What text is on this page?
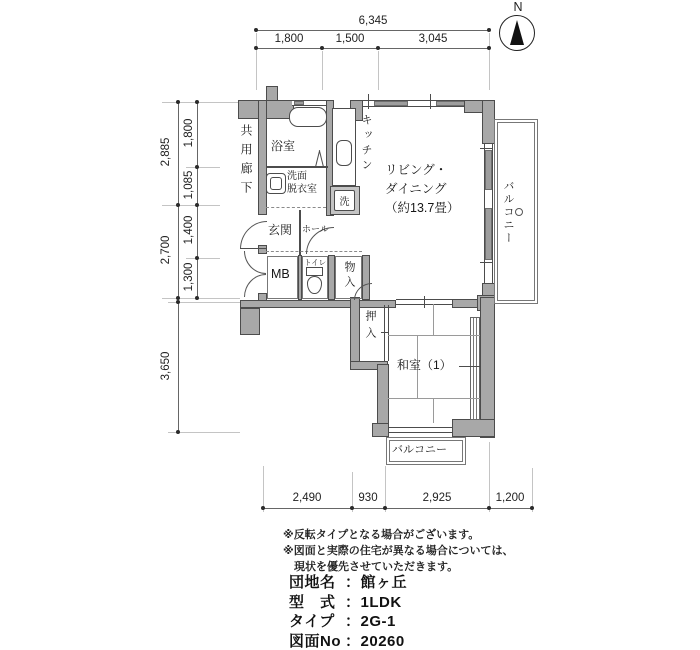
6,345
1,800	1,500	3,045
2,885
2,700
1,800
1,085
1,400
1,300
3,650
2,490	930	2,925	1,200
N
洗
共用廊下 浴室
洗面
脱衣室
キッチン リビング・
ダイニング
（約13.7畳）	バルコニー
玄関 ホール
MB
トイレ 物入
押入
和室（1）
バルコニー
※反転タイプとなる場合がございます。
※図面と実際の住宅が異なる場合については、
現状を優先させていただきます。
団地名 ：館ヶ丘
型　式 ：1LDK
タイプ ：2G-1
図面No ：20260
